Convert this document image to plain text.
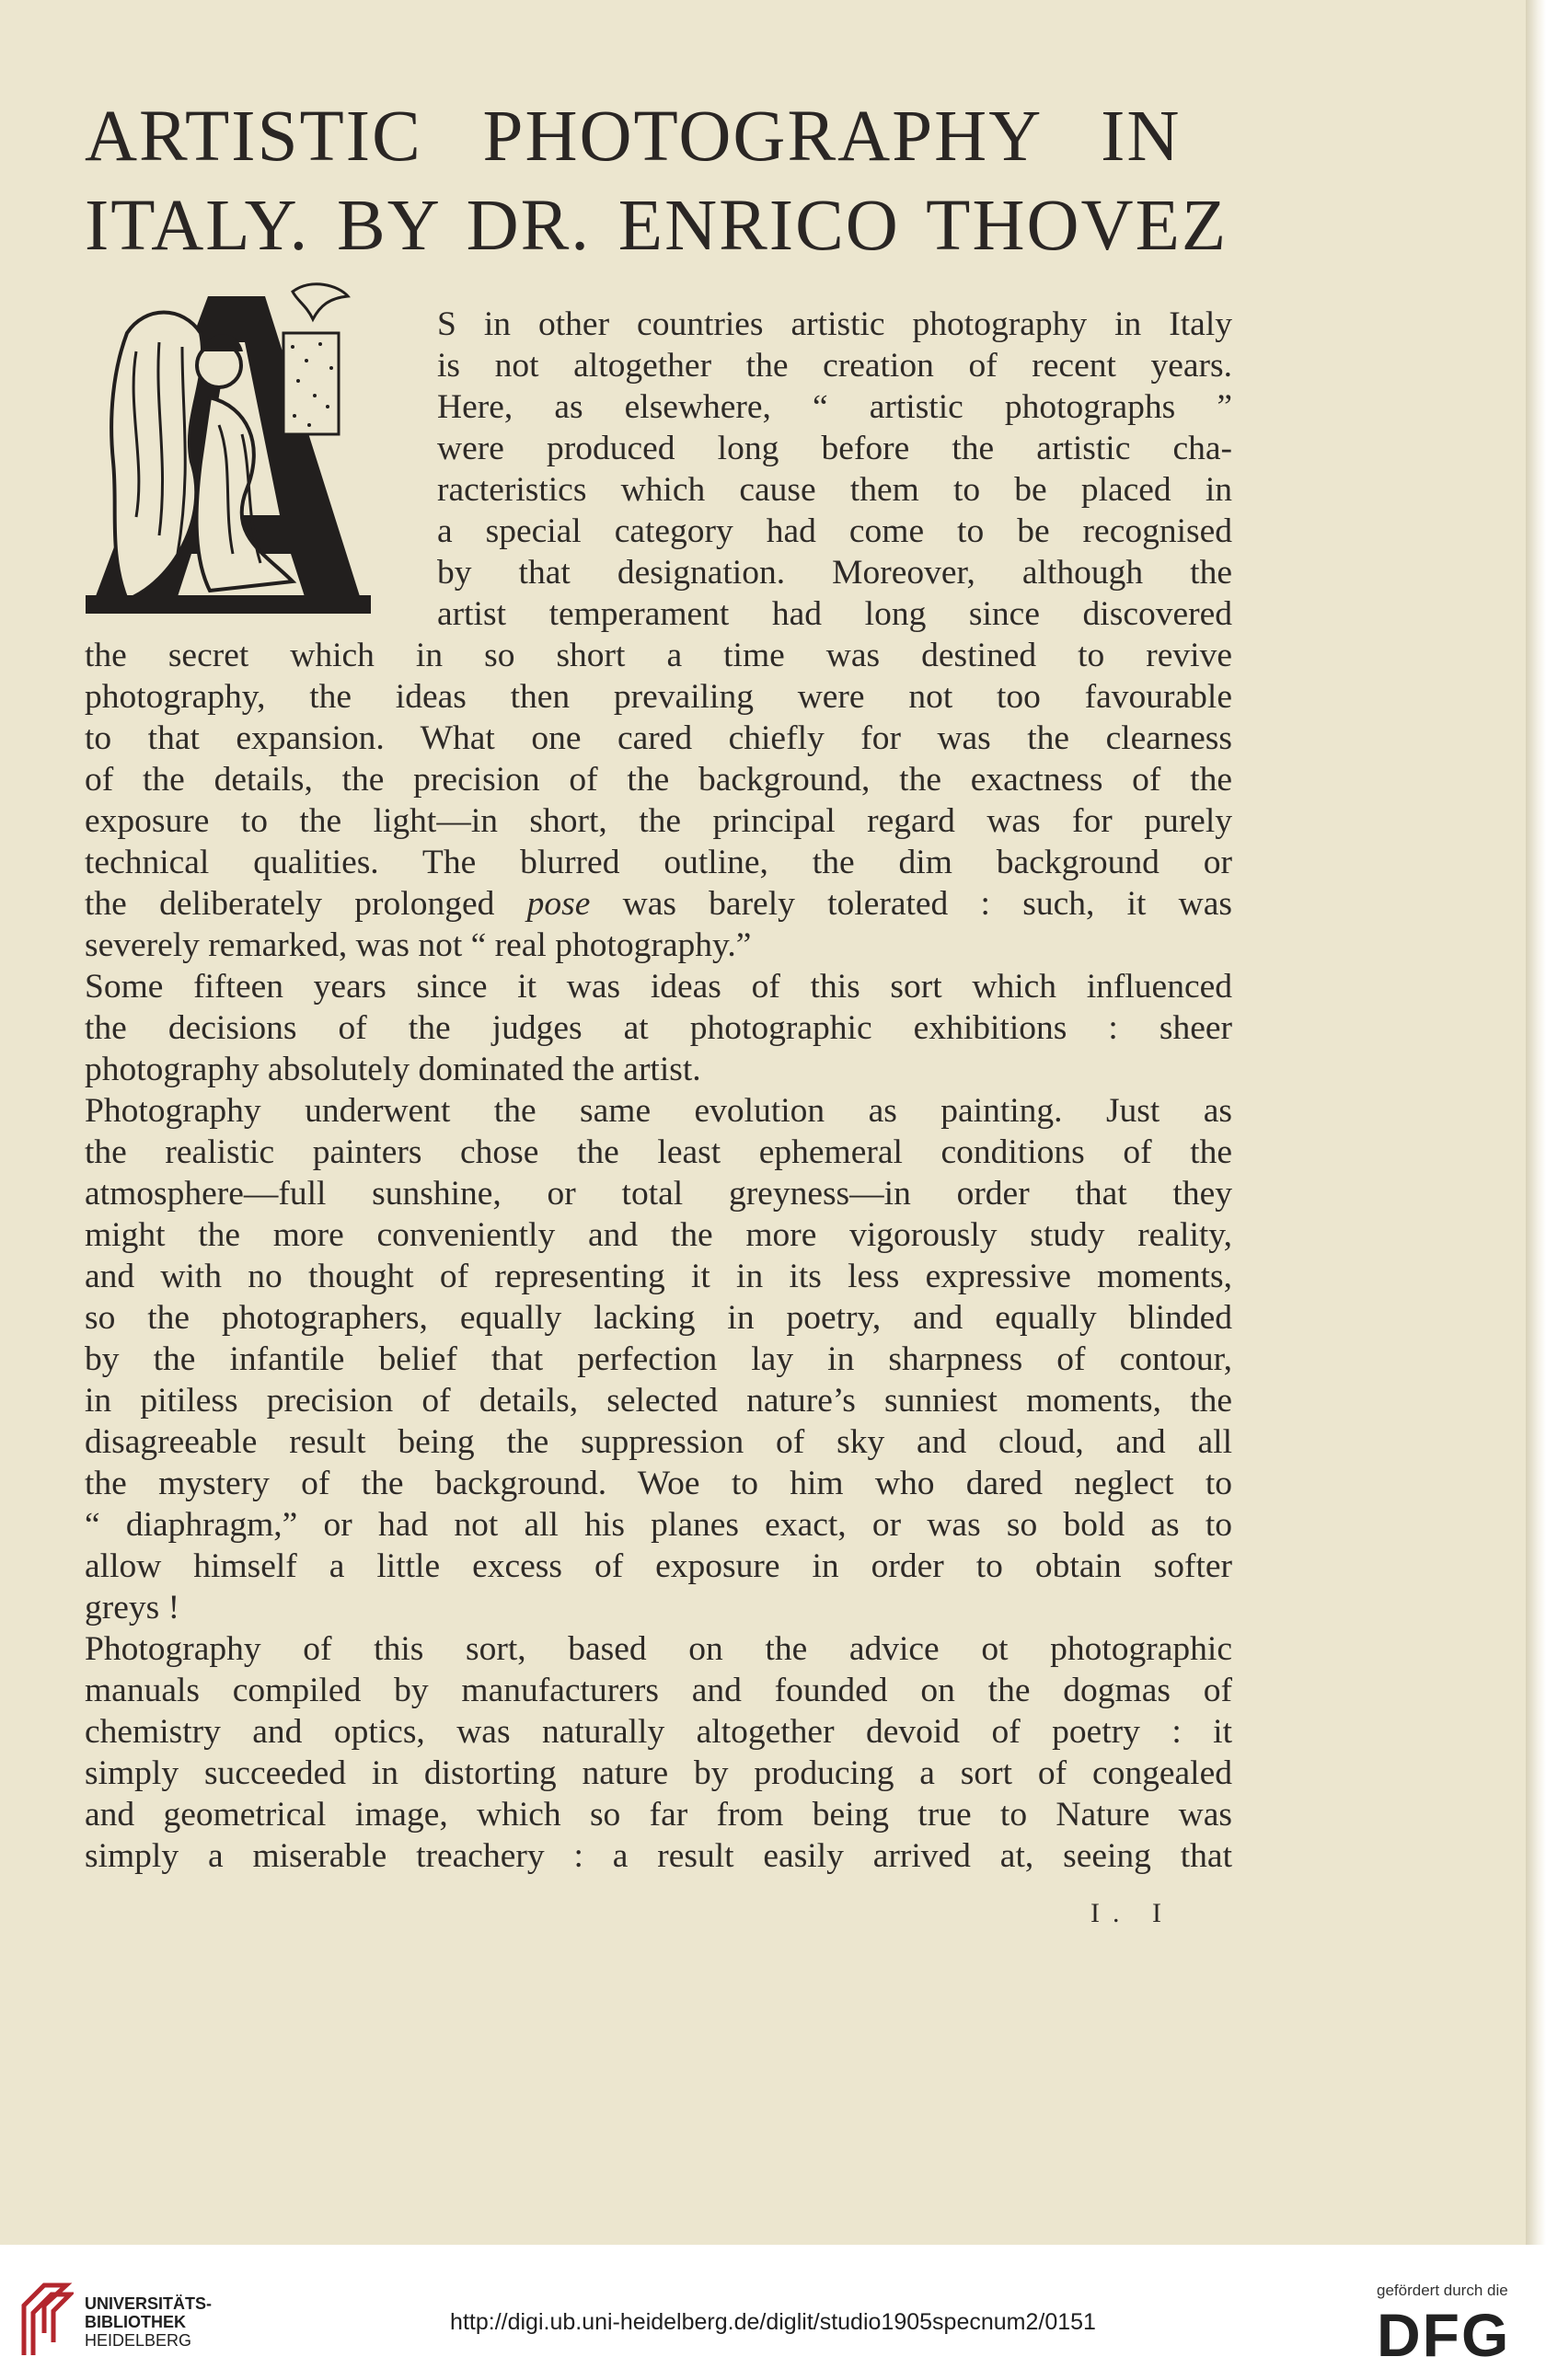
ARTISTIC PHOTOGRAPHY IN
ITALY. BY DR. ENRICO THOVEZ
S in other countries artistic photography in Italy
is not altogether the creation of recent years.
Here, as elsewhere, “ artistic photographs ”
were produced long before the artistic cha-
racteristics which cause them to be placed in
a special category had come to be recognised
by that designation. Moreover, although the
artist temperament had long since discovered
the secret which in so short a time was destined to revive
photography, the ideas then prevailing were not too favourable
to that expansion. What one cared chiefly for was the clearness
of the details, the precision of the background, the exactness of the
exposure to the light—in short, the principal regard was for purely
technical qualities. The blurred outline, the dim background or
the deliberately prolonged pose was barely tolerated : such, it was
severely remarked, was not “ real photography.”
Some fifteen years since it was ideas of this sort which influenced
the decisions of the judges at photographic exhibitions : sheer
photography absolutely dominated the artist.
Photography underwent the same evolution as painting. Just as
the realistic painters chose the least ephemeral conditions of the
atmosphere—full sunshine, or total greyness—in order that they
might the more conveniently and the more vigorously study reality,
and with no thought of representing it in its less expressive moments,
so the photographers, equally lacking in poetry, and equally blinded
by the infantile belief that perfection lay in sharpness of contour,
in pitiless precision of details, selected nature’s sunniest moments, the
disagreeable result being the suppression of sky and cloud, and all
the mystery of the background. Woe to him who dared neglect to
“ diaphragm,” or had not all his planes exact, or was so bold as to
allow himself a little excess of exposure in order to obtain softer
greys !
Photography of this sort, based on the advice ot photographic
manuals compiled by manufacturers and founded on the dogmas of
chemistry and optics, was naturally altogether devoid of poetry : it
simply succeeded in distorting nature by producing a sort of congealed
and geometrical image, which so far from being true to Nature was
simply a miserable treachery : a result easily arrived at, seeing that
I. I
UNIVERSITÄTS-
BIBLIOTHEK
HEIDELBERG
http://digi.ub.uni-heidelberg.de/diglit/studio1905specnum2/0151
gefördert durch die
DFG
